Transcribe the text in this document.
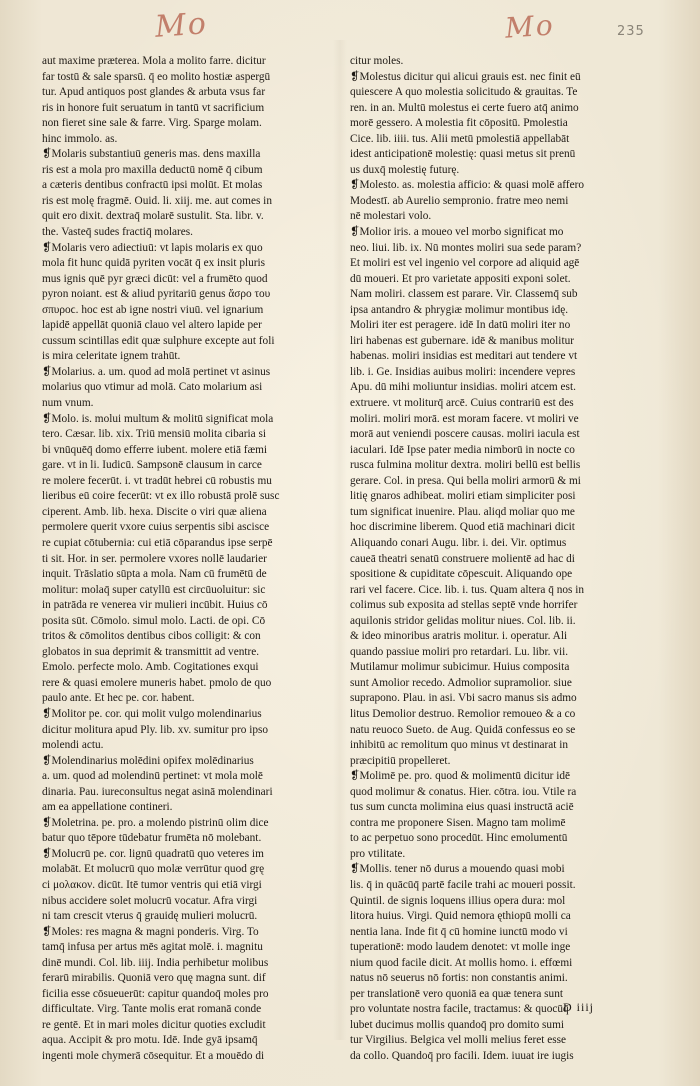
Mo	Mo	235
aut maxime præterea. Mola a molito farre. dicitur
far tostū & sale sparsū. q̄ eo molito hostiæ aspergū
tur. Apud antiquos post glandes & arbuta vsus far
ris in honore fuit seruatum in tantū vt sacrificium
non fieret sine sale & farre. Virg. Sparge molam.
hinc immolo. as.
❡Molaris substantiuū generis mas. dens maxilla
ris est a mola pro maxilla deductū nomē q̄ cibum
a cæteris dentibus confractū ipsi molūt. Et molas
ris est molę fragmē. Ouid. li. xiij. me. aut comes in
quit ero dixit. dextraq̄ molarē sustulit. Sta. libr. v.
the. Vasteq̄ sudes fractiq̄ molares.
❡Molaris vero adiectiuū: vt lapis molaris ex quo
mola fit hunc quidā pyriten vocāt q̄ ex insit pluris
mus ignis quē pyr græci dicūt: vel a frumēto quod
pyron noiant. est & aliud pyritariū genus ἄσρο του
σπυροϲ. hoc est ab igne nostri viuū. vel ignarium
lapidē appellāt quoniā clauo vel altero lapide per
cussum scintillas edit quæ sulphure excepte aut foli
is mira celeritate ignem trahūt.
❡Molarius. a. um. quod ad molā pertinet vt asinus
molarius quo vtimur ad molā. Cato molarium asi
num vnum.
❡Molo. is. molui multum & molitū significat mola
tero. Cæsar. lib. xix. Triū mensiū molita cibaria si
bi vnūquēq̄ domo efferre iubent. molere etiā fæmi
gare. vt in li. Iudicū. Sampsonē clausum in carce
re molere fecerūt. i. vt tradūt hebrei cū robustis mu
lieribus eū coire fecerūt: vt ex illo robustā prolē susc
ciperent. Amb. lib. hexa. Discite o viri quæ aliena
permolere querit vxore cuius serpentis sibi ascisce
re cupiat cōtubernia: cui etiā cōparandus ipse serpē
ti sit. Hor. in ser. permolere vxores nollē laudarier
inquit. Trāslatio sūpta a mola. Nam cū frumētū de
molitur: molaq̄ super catyllū est circūuoluitur: sic
in patrāda re venerea vir mulieri incūbit. Huius cō
posita sūt. Cōmolo. simul molo. Lacti. de opi. Cō
tritos & cōmolitos dentibus cibos colligit: & con
globatos in sua deprimit & transmittit ad ventre.
Emolo. perfecte molo. Amb. Cogitationes exqui
rere & quasi emolere muneris habet. pmolo de quo
paulo ante. Et hec pe. cor. habent.
❡Molitor pe. cor. qui molit vulgo molendinarius
dicitur molitura apud Ply. lib. xv. sumitur pro ipso
molendi actu.
❡Molendinarius molēdini opifex molēdinarius
a. um. quod ad molendinū pertinet: vt mola molē
dinaria. Pau. iureconsultus negat asinā molendinari
am ea appellatione contineri.
❡Moletrina. pe. pro. a molendo pistrinū olim dice
batur quo tēpore tūdebatur frumēta nō molebant.
❡Molucrū pe. cor. lignū quadratū quo veteres im
molabāt. Et molucrū quo molæ verrūtur quod grę
ci μολακον. dicūt. Itē tumor ventris qui etiā virgi
nibus accidere solet molucrū vocatur. Afra virgi
ni tam crescit vterus q̄ grauidę mulieri molucrū.
❡Moles: res magna & magni ponderis. Virg. To
tamq̄ infusa per artus mēs agitat molē. i. magnitu
dinē mundi. Col. lib. iiij. India perhibetur molibus
ferarū mirabilis. Quoniā vero quę magna sunt. dif
ficilia esse cōsueuerūt: capitur quandoq̄ moles pro
difficultate. Virg. Tante molis erat romanā conde
re gentē. Et in mari moles dicitur quoties excludit
aqua. Accipit & pro motu. Idē. Inde gyā ipsamq̄
ingenti mole chymerā cōsequitur. Et a mouēdo di
citur moles.
❡Molestus dicitur qui alicui grauis est. nec finit eū
quiescere A quo molestia solicitudo & grauitas. Te
ren. in an. Multū molestus ei certe fuero atq̄ animo
morē gessero. A molestia fit cōpositū. Pmolestia
Cice. lib. iiii. tus. Alii metū pmolestiā appellabāt
idest anticipationē molestię: quasi metus sit prenū
us duxq̄ molestię futurę.
❡Molesto. as. molestia afficio: & quasi molē affero
Modestī. ab Aurelio sempronio. fratre meo nemi
nē molestari volo.
❡Molior iris. a moueo vel morbo significat mo
neo. liui. lib. ix. Nū montes moliri sua sede param?
Et moliri est vel ingenio vel corpore ad aliquid agē
dū moueri. Et pro varietate appositi exponi solet.
Nam moliri. classem est parare. Vir. Classemq̄ sub
ipsa antandro & phrygiæ molimur montibus idę.
Moliri iter est peragere. idē In datū moliri iter no
liri habenas est gubernare. idē & manibus molitur
habenas. moliri insidias est meditari aut tendere vt
lib. i. Ge. Insidias auibus moliri: incendere vepres
Apu. dū mihi moliuntur insidias. moliri atcem est.
extruere. vt moliturq̄ arcē. Cuius contrariū est des
moliri. moliri morā. est moram facere. vt moliri ve
morā aut veniendi poscere causas. moliri iacula est
iaculari. Idē Ipse pater media nimborū in nocte co
rusca fulmina molitur dextra. moliri bellū est bellis
gerare. Col. in presa. Qui bella moliri armorū & mi
litię gnaros adhibeat. moliri etiam simpliciter posi
tum significat inuenire. Plau. aliqd moliar quo me
hoc discrimine liberem. Quod etiā machinari dicit
Aliquando conari Augu. libr. i. dei. Vir. optimus
caueā theatri senatū construere molientē ad hac di
spositione & cupiditate cōpescuit. Aliquando ope
rari vel facere. Cice. lib. i. tus. Quam altera q̄ nos in
colimus sub exposita ad stellas septē vnde horrifer
aquilonis stridor gelidas molitur niues. Col. lib. ii.
& ideo minoribus aratris molitur. i. operatur. Ali
quando passiue moliri pro retardari. Lu. libr. vii.
Mutilamur molimur subicimur. Huius composita
sunt Amolior recedo. Admolior supramolior. siue
suprapono. Plau. in asi. Vbi sacro manus sis admo
litus Demolior destruo. Remolior remoueo & a co
natu reuoco Sueto. de Aug. Quidā confessus eo se
inhibitū ac remolitum quo minus vt destinarat in
præcipitiū propelleret.
❡Molimē pe. pro. quod & molimentū dicitur idē
quod molimur & conatus. Hier. cōtra. iou. Vtile ra
tus sum cuncta molimina eius quasi instructā aciē
contra me proponere Sisen. Magno tam molimē
to ac perpetuo sono procedūt. Hinc emolumentū
pro vtilitate.
❡Mollis. tener nō durus a mouendo quasi mobi
lis. q̄ in quācūq̄ partē facile trahi ac moueri possit.
Quintil. de signis loquens illius opera dura: mol
litora huius. Virgi. Quid nemora ęthiopū molli ca
nentia lana. Inde fit q̄ cū homine iunctū modo vi
tuperationē: modo laudem denotet: vt molle inge
nium quod facile dicit. At mollis homo. i. effœmi
natus nō seuerus nō fortis: non constantis animi.
per translationē vero quoniā ea quæ tenera sunt
pro voluntate nostra facile, tractamus: & quocūq̄
lubet ducimus mollis quandoq̄ pro domito sumi
tur Virgilius. Belgica vel molli melius feret esse
da collo. Quandoq̄ pro facili. Idem. iuuat ire iugis
D iiij
